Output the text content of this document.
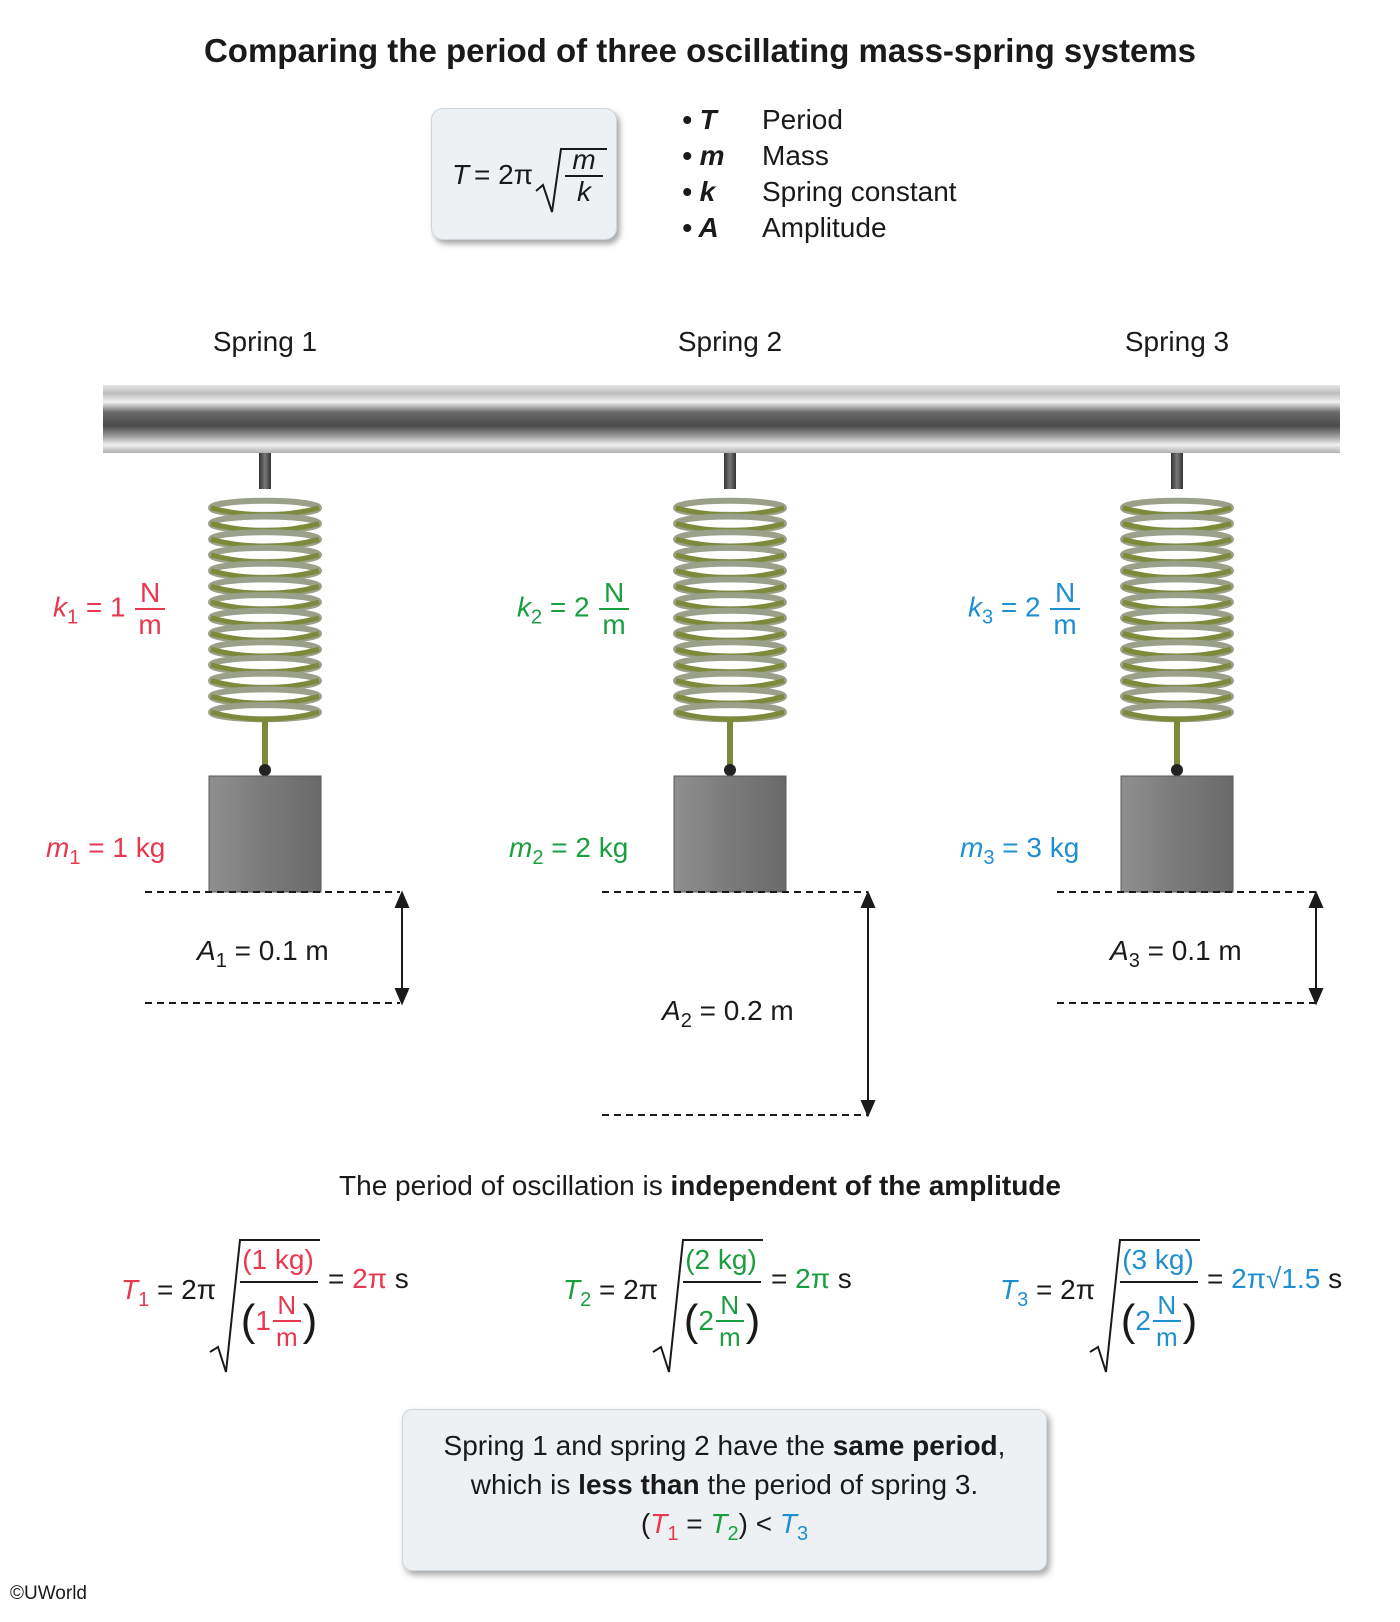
Comparing the period of three oscillating mass-spring systems
$T = 2\pi \frac{m}{k}$
• T Period
• m Mass
• k Spring constant
• A Amplitude
Spring 1	Spring 2	Spring 3
$k_1 = 1 \frac{N}{m}$	$k_2 = 2 \frac{N}{m}$	$k_3 = 2 \frac{N}{m}$
$m_1 = 1$ kg	$m_2 = 2$ kg	$m_3 = 3$ kg
$A_1 = 0.1$ m
$A_2 = 0.2$ m
$A_3 = 0.1$ m
The period of oscillation is independent of the amplitude
$T_1 = 2\pi$
(1 kg)
($1 \frac{N}{m}$ )
= 2π s	$T_2 = 2\pi$
(2 kg)
($2 \frac{N}{m}$ )
= 2π s	$T_3 = 2\pi$
(3 kg)
($2 \frac{N}{m}$ )
= 2π√1.5 s
Spring 1 and spring 2 have the same period,
which is less than the period of spring 3.
$(T_1 = T_2) < T_3$
©UWorld
